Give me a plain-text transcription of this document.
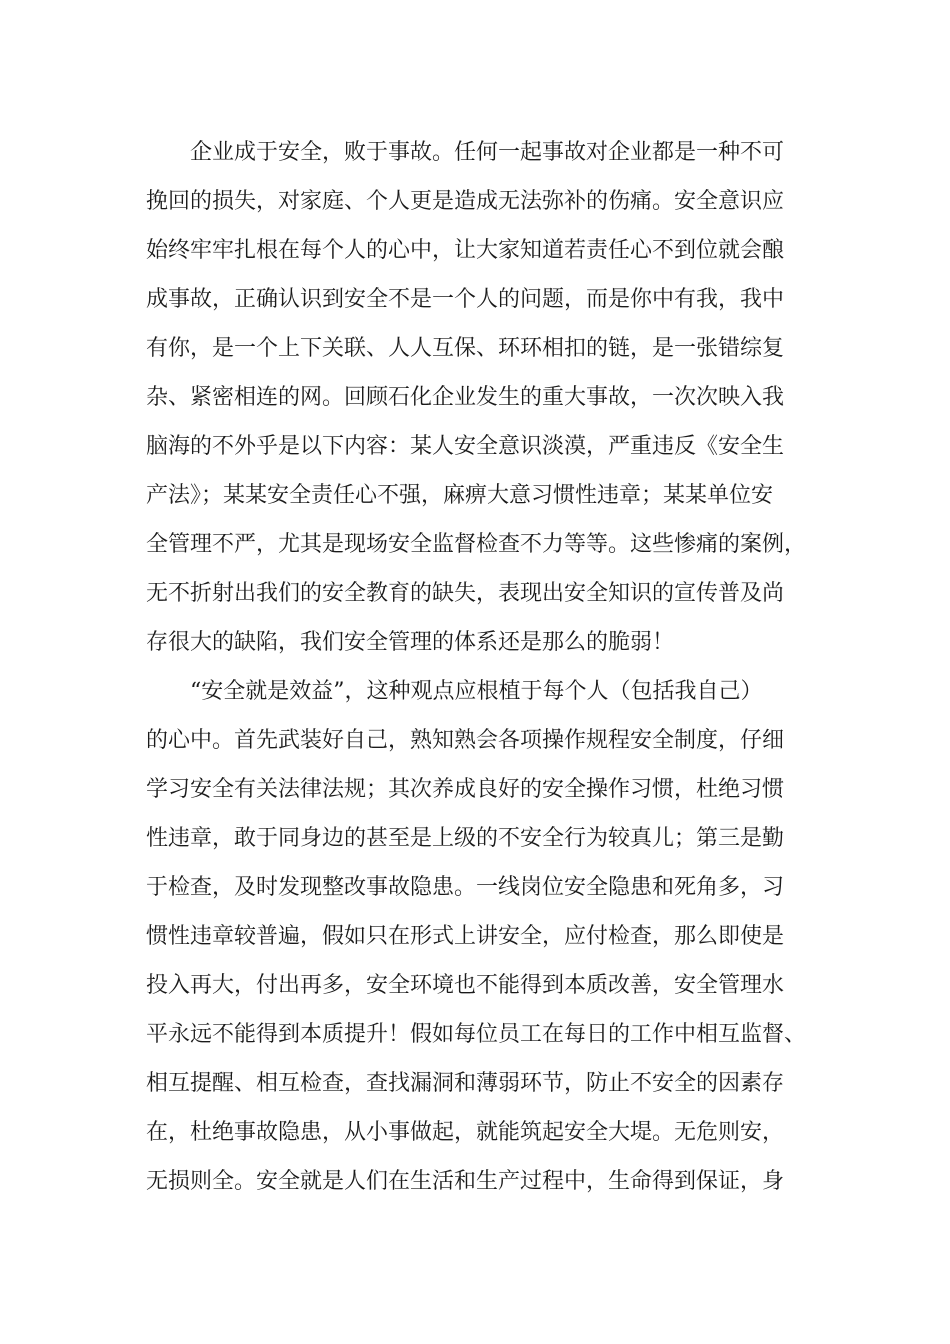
企业成于安全，败于事故。任何一起事故对企业都是一种不可
挽回的损失，对家庭、个人更是造成无法弥补的伤痛。安全意识应
始终牢牢扎根在每个人的心中，让大家知道若责任心不到位就会酿
成事故，正确认识到安全不是一个人的问题，而是你中有我，我中
有你，是一个上下关联、人人互保、环环相扣的链，是一张错综复
杂、紧密相连的网。回顾石化企业发生的重大事故，一次次映入我
脑海的不外乎是以下内容：某人安全意识淡漠，严重违反《安全生
产法》；某某安全责任心不强，麻痹大意习惯性违章；某某单位安
全管理不严，尤其是现场安全监督检查不力等等。这些惨痛的案例，
无不折射出我们的安全教育的缺失，表现出安全知识的宣传普及尚
存很大的缺陷，我们安全管理的体系还是那么的脆弱！
“安全就是效益”，这种观点应根植于每个人（包括我自己）
的心中。首先武装好自己，熟知熟会各项操作规程安全制度，仔细
学习安全有关法律法规；其次养成良好的安全操作习惯，杜绝习惯
性违章，敢于同身边的甚至是上级的不安全行为较真儿；第三是勤
于检查，及时发现整改事故隐患。一线岗位安全隐患和死角多，习
惯性违章较普遍，假如只在形式上讲安全，应付检查，那么即使是
投入再大，付出再多，安全环境也不能得到本质改善，安全管理水
平永远不能得到本质提升！假如每位员工在每日的工作中相互监督、
相互提醒、相互检查，查找漏洞和薄弱环节，防止不安全的因素存
在，杜绝事故隐患，从小事做起，就能筑起安全大堤。无危则安，
无损则全。安全就是人们在生活和生产过程中，生命得到保证，身
